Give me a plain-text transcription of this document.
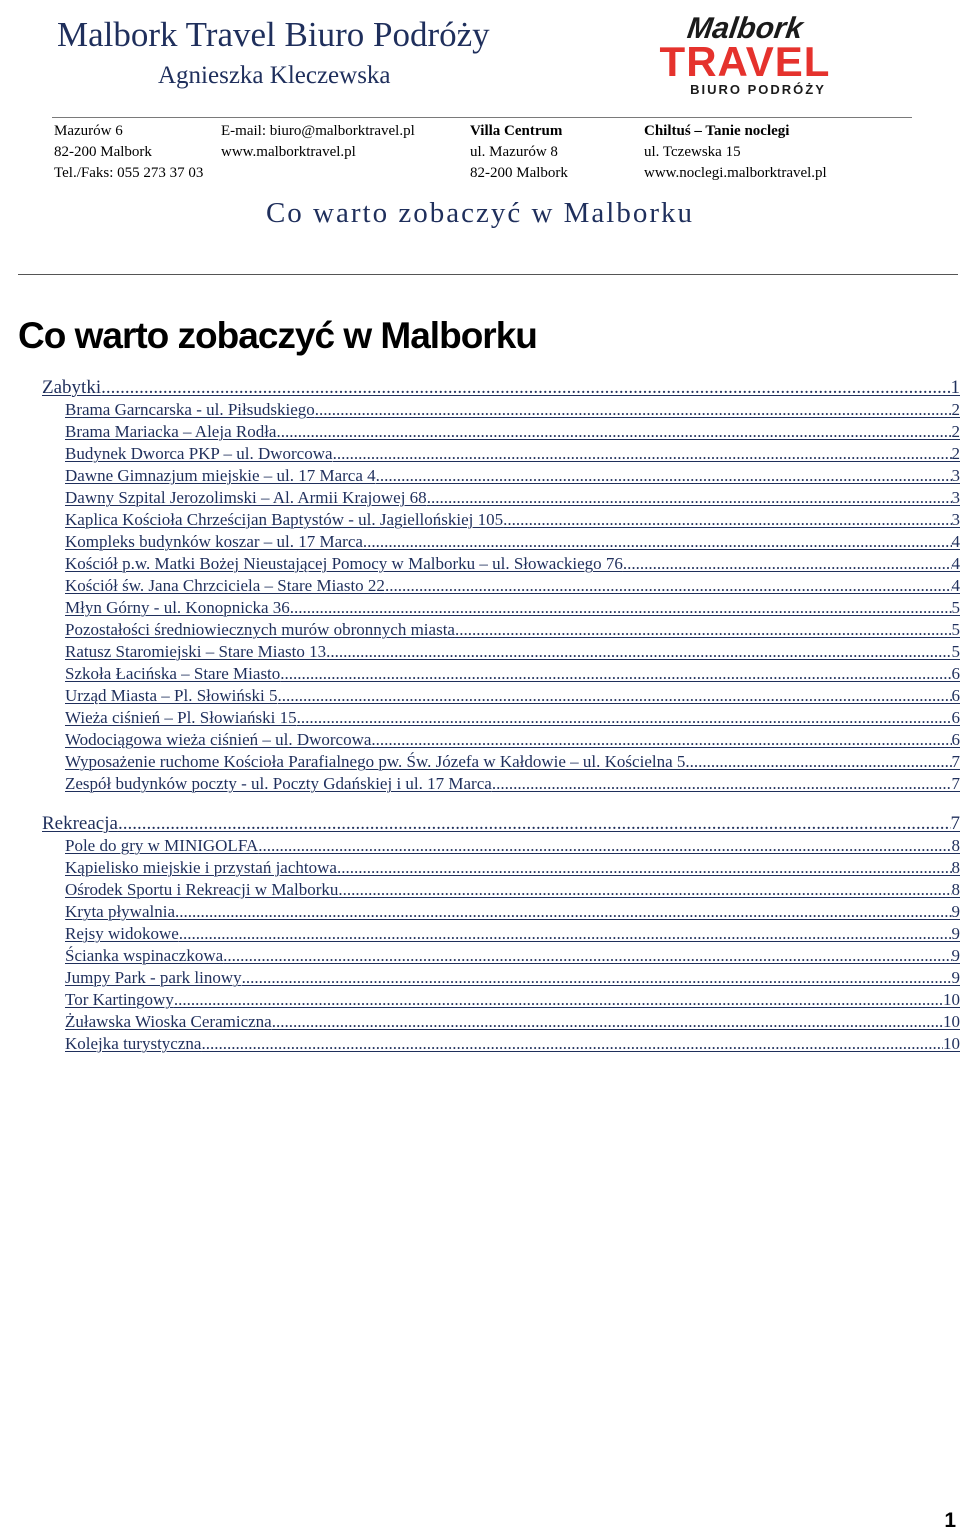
Malbork Travel Biuro Podróży
Agnieszka Kleczewska
Malbork
TRAVEL
BIURO PODRÓŻY
Mazurów 6
82-200 Malbork
Tel./Faks: 055 273 37 03
E-mail: biuro@malborktravel.pl
www.malborktravel.pl
Villa Centrum
ul. Mazurów 8
82-200 Malbork
Chiltuś – Tanie noclegi
ul. Tczewska 15
www.noclegi.malborktravel.pl
Co warto zobaczyć w Malborku
Co warto zobaczyć w Malborku
Zabytki .....	1
Brama Garncarska - ul. Piłsudskiego .....	2
Brama Mariacka – Aleja Rodła .....	2
Budynek Dworca PKP – ul. Dworcowa .....	2
Dawne Gimnazjum miejskie – ul. 17 Marca 4 .....	3
Dawny Szpital Jerozolimski – Al. Armii Krajowej 68 .....	3
Kaplica Kościoła Chrześcijan Baptystów - ul. Jagiellońskiej 105 .....	3
Kompleks budynków koszar – ul. 17 Marca .....	4
Kościół p.w. Matki Bożej Nieustającej Pomocy w Malborku – ul. Słowackiego 76 .....	4
Kościół św. Jana Chrzciciela – Stare Miasto 22 .....	4
Młyn Górny - ul. Konopnicka 36 .....	5
Pozostałości średniowiecznych murów obronnych miasta .....	5
Ratusz Staromiejski – Stare Miasto 13 .....	5
Szkoła Łacińska – Stare Miasto .....	6
Urząd Miasta – Pl. Słowiński 5 .....	6
Wieża ciśnień – Pl. Słowiański 15 .....	6
Wodociągowa wieża ciśnień – ul. Dworcowa .....	6
Wyposażenie ruchome Kościoła Parafialnego pw. Św. Józefa w Kałdowie – ul. Kościelna 5 .....	7
Zespół budynków poczty - ul. Poczty Gdańskiej i ul. 17 Marca .....	7
Rekreacja .....	7
Pole do gry w MINIGOLFA .....	8
Kąpielisko miejskie i przystań jachtowa .....	8
Ośrodek Sportu i Rekreacji w Malborku .....	8
Kryta pływalnia .....	9
Rejsy widokowe .....	9
Ścianka wspinaczkowa .....	9
Jumpy Park - park linowy .....	9
Tor Kartingowy .....	10
Żuławska Wioska Ceramiczna .....	10
Kolejka turystyczna .....	10
1
